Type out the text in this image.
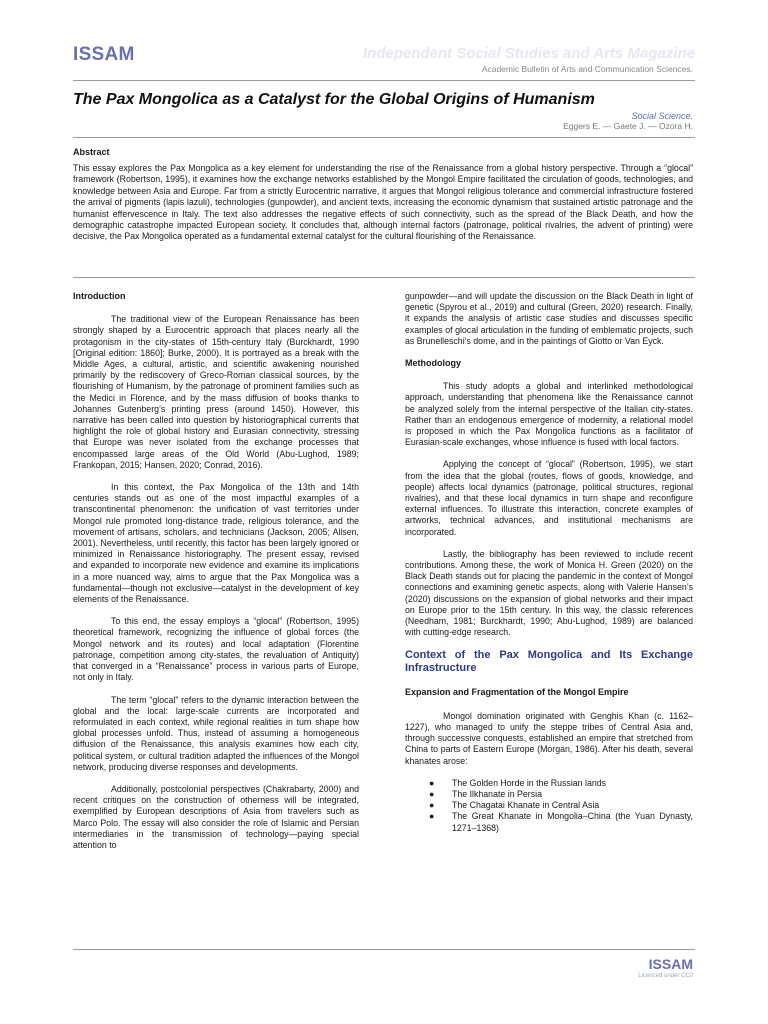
ISSAM	Independent Social Studies and Arts Magazine
Academic Bulletin of Arts and Communication Sciences.
The Pax Mongolica as a Catalyst for the Global Origins of Humanism
Social Science.
Eggers E. — Gaete J. — Ozora H.
Abstract
This essay explores the Pax Mongolica as a key element for understanding the rise of the Renaissance from a global history perspective. Through a “glocal” framework (Robertson, 1995), it examines how the exchange networks established by the Mongol Empire facilitated the circulation of goods, technologies, and knowledge between Asia and Europe. Far from a strictly Eurocentric narrative, it argues that Mongol religious tolerance and commercial infrastructure fostered the arrival of pigments (lapis lazuli), technologies (gunpowder), and ancient texts, increasing the economic dynamism that sustained artistic patronage and the humanist effervescence in Italy. The text also addresses the negative effects of such connectivity, such as the spread of the Black Death, and how the demographic catastrophe impacted European society. It concludes that, although internal factors (patronage, political rivalries, the advent of printing) were decisive, the Pax Mongolica operated as a fundamental external catalyst for the cultural flourishing of the Renaissance.
Introduction

The traditional view of the European Renaissance has been strongly shaped by a Eurocentric approach that places nearly all the protagonism in the city-states of 15th-century Italy (Burckhardt, 1990 [Original edition: 1860]; Burke, 2000). It is portrayed as a break with the Middle Ages, a cultural, artistic, and scientific awakening nourished primarily by the rediscovery of Greco-Roman classical sources, by the flourishing of Humanism, by the patronage of prominent families such as the Medici in Florence, and by the mass diffusion of books thanks to Johannes Gutenberg’s printing press (around 1450). However, this narrative has been called into question by historiographical currents that highlight the role of global history and Eurasian connectivity, stressing that Europe was never isolated from the exchange processes that encompassed large areas of the Old World (Abu-Lughod, 1989; Frankopan, 2015; Hansen, 2020; Conrad, 2016).

In this context, the Pax Mongolica of the 13th and 14th centuries stands out as one of the most impactful examples of a transcontinental phenomenon: the unification of vast territories under Mongol rule promoted long-distance trade, religious tolerance, and the movement of artisans, scholars, and technicians (Jackson, 2005; Allsen, 2001). Nevertheless, until recently, this factor has been largely ignored or minimized in Renaissance historiography. The present essay, revised and expanded to incorporate new evidence and examine its implications in a more nuanced way, aims to argue that the Pax Mongolica was a fundamental—though not exclusive—catalyst in the development of key elements of the Renaissance.

To this end, the essay employs a “glocal” (Robertson, 1995) theoretical framework, recognizing the influence of global forces (the Mongol network and its routes) and local adaptation (Florentine patronage, competition among city-states, the revaluation of Antiquity) that converged in a “Renaissance” process in various parts of Europe, not only in Italy.

The term “glocal” refers to the dynamic interaction between the global and the local: large-scale currents are incorporated and reformulated in each context, while regional realities in turn shape how global processes unfold. Thus, instead of assuming a homogeneous diffusion of the Renaissance, this analysis examines how each city, political system, or cultural tradition adapted the influences of the Mongol network, producing diverse responses and developments.

Additionally, postcolonial perspectives (Chakrabarty, 2000) and recent critiques on the construction of otherness will be integrated, exemplified by European descriptions of Asia from travelers such as Marco Polo. The essay will also consider the role of Islamic and Persian intermediaries in the transmission of technology—paying special attention to

gunpowder—and will update the discussion on the Black Death in light of genetic (Spyrou et al., 2019) and cultural (Green, 2020) research. Finally, it expands the analysis of artistic case studies and discusses specific examples of glocal articulation in the funding of emblematic projects, such as Brunelleschi’s dome, and in the paintings of Giotto or Van Eyck.

Methodology

This study adopts a global and interlinked methodological approach, understanding that phenomena like the Renaissance cannot be analyzed solely from the internal perspective of the Italian city-states. Rather than an endogenous emergence of modernity, a relational model is proposed in which the Pax Mongolica functions as a facilitator of Eurasian-scale exchanges, whose influence is fused with local factors.

Applying the concept of “glocal” (Robertson, 1995), we start from the idea that the global (routes, flows of goods, knowledge, and people) affects local dynamics (patronage, political structures, regional rivalries), and that these local dynamics in turn shape and reconfigure external influences. To illustrate this interaction, concrete examples of artworks, technical advances, and institutional mechanisms are incorporated.

Lastly, the bibliography has been reviewed to include recent contributions. Among these, the work of Monica H. Green (2020) on the Black Death stands out for placing the pandemic in the context of Mongol connections and examining genetic aspects, along with Valerie Hansen’s (2020) discussions on the expansion of global networks and their impact on Europe prior to the 15th century. In this way, the classic references (Needham, 1981; Burckhardt, 1990; Abu-Lughod, 1989) are balanced with cutting-edge research.

Context of the Pax Mongolica and Its Exchange Infrastructure
Expansion and Fragmentation of the Mongol Empire

Mongol domination originated with Genghis Khan (c. 1162–1227), who managed to unify the steppe tribes of Central Asia and, through successive conquests, established an empire that stretched from China to parts of Eastern Europe (Morgan, 1986). After his death, several khanates arose:

● The Golden Horde in the Russian lands
● The Ilkhanate in Persia
● The Chagatai Khanate in Central Asia
● The Great Khanate in Mongolia–China (the Yuan Dynasty, 1271–1368)
ISSAM
Licenced under CC0
